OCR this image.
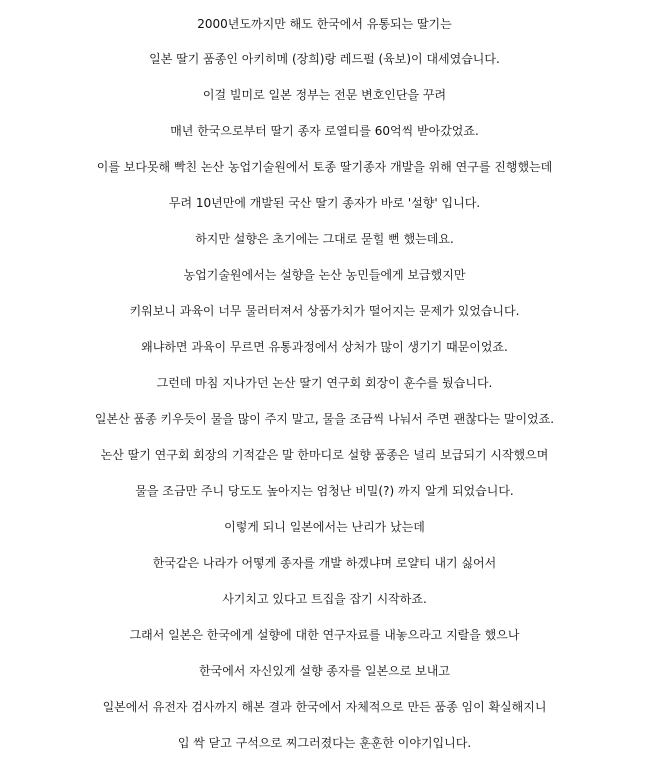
2000년도까지만 해도 한국에서 유통되는 딸기는
일본 딸기 품종인 아키히메 (장희)랑 레드펄 (육보)이 대세였습니다.
이걸 빌미로 일본 정부는 전문 변호인단을 꾸려
매년 한국으로부터 딸기 종자 로열티를 60억씩 받아갔었죠.
이를 보다못해 빡친 논산 농업기술원에서 토종 딸기종자 개발을 위해 연구를 진행했는데
무려 10년만에 개발된 국산 딸기 종자가 바로 '설향' 입니다.
하지만 설향은 초기에는 그대로 묻힐 뻔 했는데요.
농업기술원에서는 설향을 논산 농민들에게 보급했지만
키워보니 과육이 너무 물러터져서 상품가치가 떨어지는 문제가 있었습니다.
왜냐하면 과육이 무르면 유통과정에서 상처가 많이 생기기 때문이었죠.
그런데 마침 지나가던 논산 딸기 연구회 회장이 훈수를 뒀습니다.
일본산 품종 키우듯이 물을 많이 주지 말고, 물을 조금씩 나눠서 주면 괜찮다는 말이었죠.
논산 딸기 연구회 회장의 기적같은 말 한마디로 설향 품종은 널리 보급되기 시작했으며
물을 조금만 주니 당도도 높아지는 엄청난 비밀(?) 까지 알게 되었습니다.
이렇게 되니 일본에서는 난리가 났는데
한국같은 나라가 어떻게 종자를 개발 하겠냐며 로얄티 내기 싫어서
사기치고 있다고 트집을 잡기 시작하죠.
그래서 일본은 한국에게 설향에 대한 연구자료를 내놓으라고 지랄을 했으나
한국에서 자신있게 설향 종자를 일본으로 보내고
일본에서 유전자 검사까지 해본 결과 한국에서 자체적으로 만든 품종 임이 확실해지니
입 싹 닫고 구석으로 찌그러졌다는 훈훈한 이야기입니다.
